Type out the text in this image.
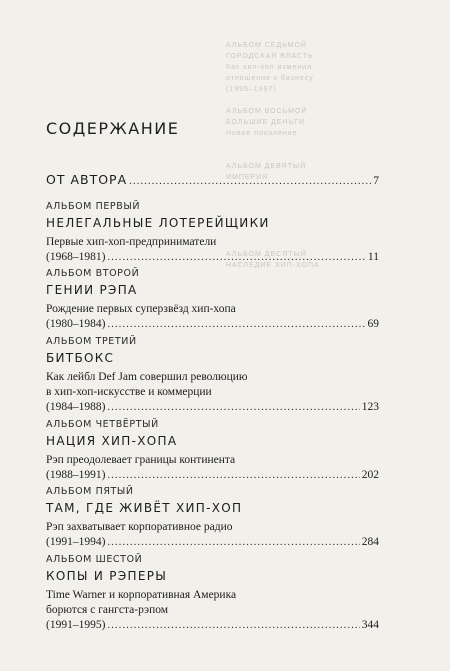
АЛЬБОМ СЕДЬМОЙ
ГОРОДСКАЯ ВЛАСТЬ
Как хип-хоп изменил
отношение к бизнесу
(1995–1997)

АЛЬБОМ ВОСЬМОЙ
БОЛЬШИЕ ДЕНЬГИ
Новое поколение

АЛЬБОМ ДЕВЯТЫЙ
ИМПЕРИЯ

АЛЬБОМ ДЕСЯТЫЙ
НАСЛЕДИЕ ХИП-ХОПА
СОДЕРЖАНИЕ
ОТ АВТОРА .....	7
АЛЬБОМ ПЕРВЫЙ
НЕЛЕГАЛЬНЫЕ ЛОТЕРЕЙЩИКИ
Первые хип-хоп-предприниматели
(1968–1981) .....	11
АЛЬБОМ ВТОРОЙ
ГЕНИИ РЭПА
Рождение первых суперзвёзд хип-хопа
(1980–1984) .....	69
АЛЬБОМ ТРЕТИЙ
БИТБОКС
Как лейбл Def Jam совершил революцию
в хип-хоп-искусстве и коммерции
(1984–1988) .....	123
АЛЬБОМ ЧЕТВЁРТЫЙ
НАЦИЯ ХИП-ХОПА
Рэп преодолевает границы континента
(1988–1991) .....	202
АЛЬБОМ ПЯТЫЙ
ТАМ, ГДЕ ЖИВЁТ ХИП-ХОП
Рэп захватывает корпоративное радио
(1991–1994) .....	284
АЛЬБОМ ШЕСТОЙ
КОПЫ И РЭПЕРЫ
Time Warner и корпоративная Америка
борются с гангста-рэпом
(1991–1995) .....	344
